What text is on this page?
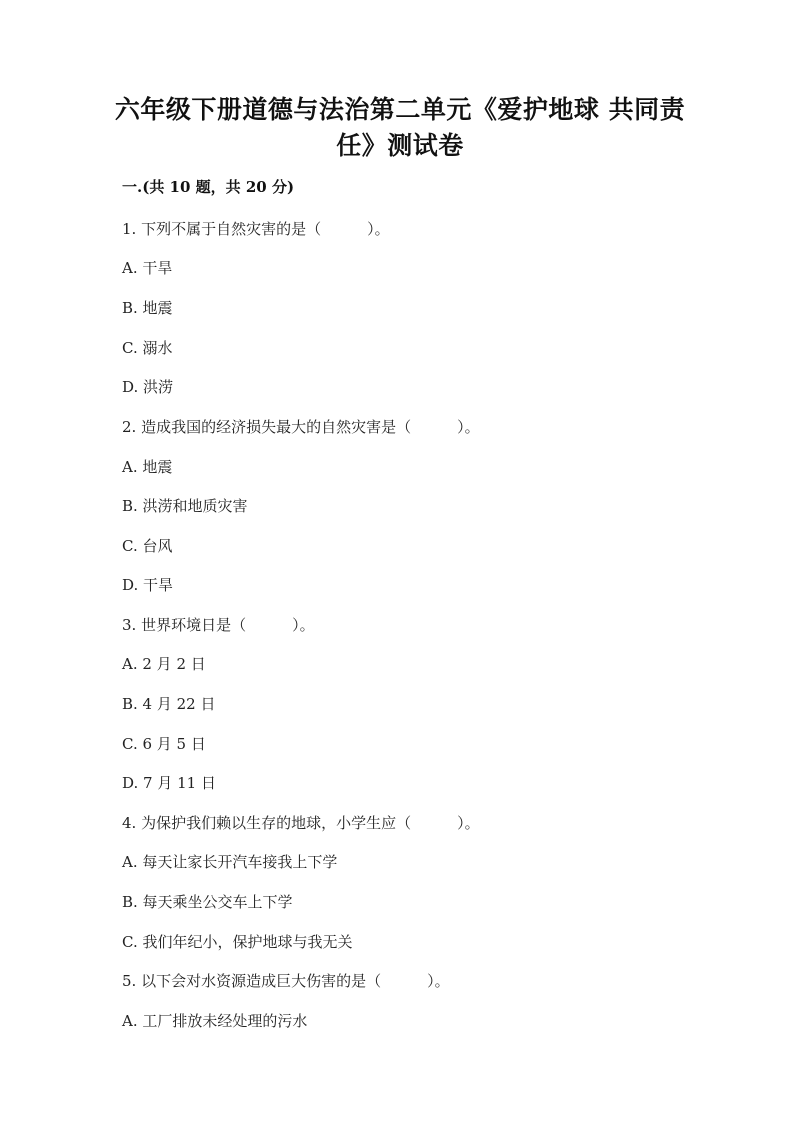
六年级下册道德与法治第二单元《爱护地球 共同责
任》测试卷
一.(共 10 题，共 20 分)
1. 下列不属于自然灾害的是（	）。
A. 干旱
B. 地震
C. 溺水
D. 洪涝
2. 造成我国的经济损失最大的自然灾害是（	）。
A. 地震
B. 洪涝和地质灾害
C. 台风
D. 干旱
3. 世界环境日是（	）。
A. 2 月 2 日
B. 4 月 22 日
C. 6 月 5 日
D. 7 月 11 日
4. 为保护我们赖以生存的地球，小学生应（	）。
A. 每天让家长开汽车接我上下学
B. 每天乘坐公交车上下学
C. 我们年纪小，保护地球与我无关
5. 以下会对水资源造成巨大伤害的是（	）。
A. 工厂排放未经处理的污水
